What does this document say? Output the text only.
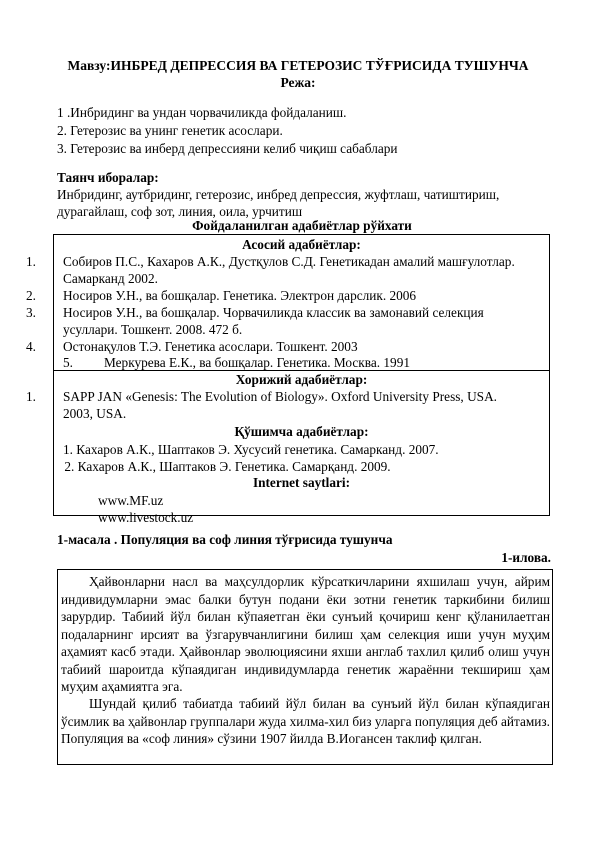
Мавзу:ИНБРЕД ДЕПРЕССИЯ ВА ГЕТЕРОЗИС ТЎҒРИСИДА ТУШУНЧА
Режа:
1 .Инбридинг ва ундан чорвачиликда фойдаланиш.
2. Гетерозис ва унинг генетик асослари.
3. Гетерозис ва инберд депрессияни келиб чиқиш сабаблари
Таянч иборалар:
Инбридинг, аутбридинг, гетерозис, инбред депрессия, жуфтлаш, чатиштириш,
дурагайлаш, соф зот, линия, оила, урчитиш
Фойдаланилган адабиётлар рўйхати
Асосий адабиётлар:
1. Собиров П.С., Кахаров А.К., Дустқулов С.Д. Генетикадан амалий машғулотлар.
Самарканд 2002.
2. Носиров У.Н., ва бошқалар. Генетика. Электрон дарслик. 2006
3. Носиров У.Н., ва бошқалар. Чорвачиликда классик ва замонавий селекция
усуллари. Тошкент. 2008. 472 б.
4. Остонақулов Т.Э. Генетика асослари. Тошкент. 2003
5. Меркурева Е.К., ва бошқалар. Генетика. Москва. 1991
Хорижий адабиётлар:
1. SAPP JAN «Genesis: The Evolution of Biology». Oxford University Press, USA.
2003, USA.
Қўшимча адабиётлар:
1. Кахаров А.К., Шаптаков Э. Хусусий генетика. Самарканд. 2007.
2. Кахаров А.К., Шаптаков Э. Генетика. Самарқанд. 2009.
Internet saytlari:
www.MF.uz
www.livestock.uz
1-масала . Популяция ва соф линия тўғрисида тушунча
1-илова.
Ҳайвонларни насл ва маҳсулдорлик кўрсаткичларини яхшилаш учун, айрим индивидумларни эмас балки бутун подани ёки зотни генетик таркибини билиш зарурдир. Табиий йўл билан кўпаяетган ёки сунъий қочириш кенг қўланилаетган подаларнинг ирсият ва ўзгарувчанлигини билиш ҳам селекция иши учун муҳим аҳамият касб этади. Ҳайвонлар эволюциясини яхши англаб тахлил қилиб олиш учун табиий шароитда кўпаядиган индивидумларда генетик жараённи текшириш ҳам муҳим аҳамиятга эга.
Шундай қилиб табиатда табиий йўл билан ва сунъий йўл билан кўпаядиган ўсимлик ва ҳайвонлар группалари жуда хилма-хил биз уларга популяция деб айтамиз. Популяция ва «соф линия» сўзини 1907 йилда В.Иогансен таклиф қилган.
